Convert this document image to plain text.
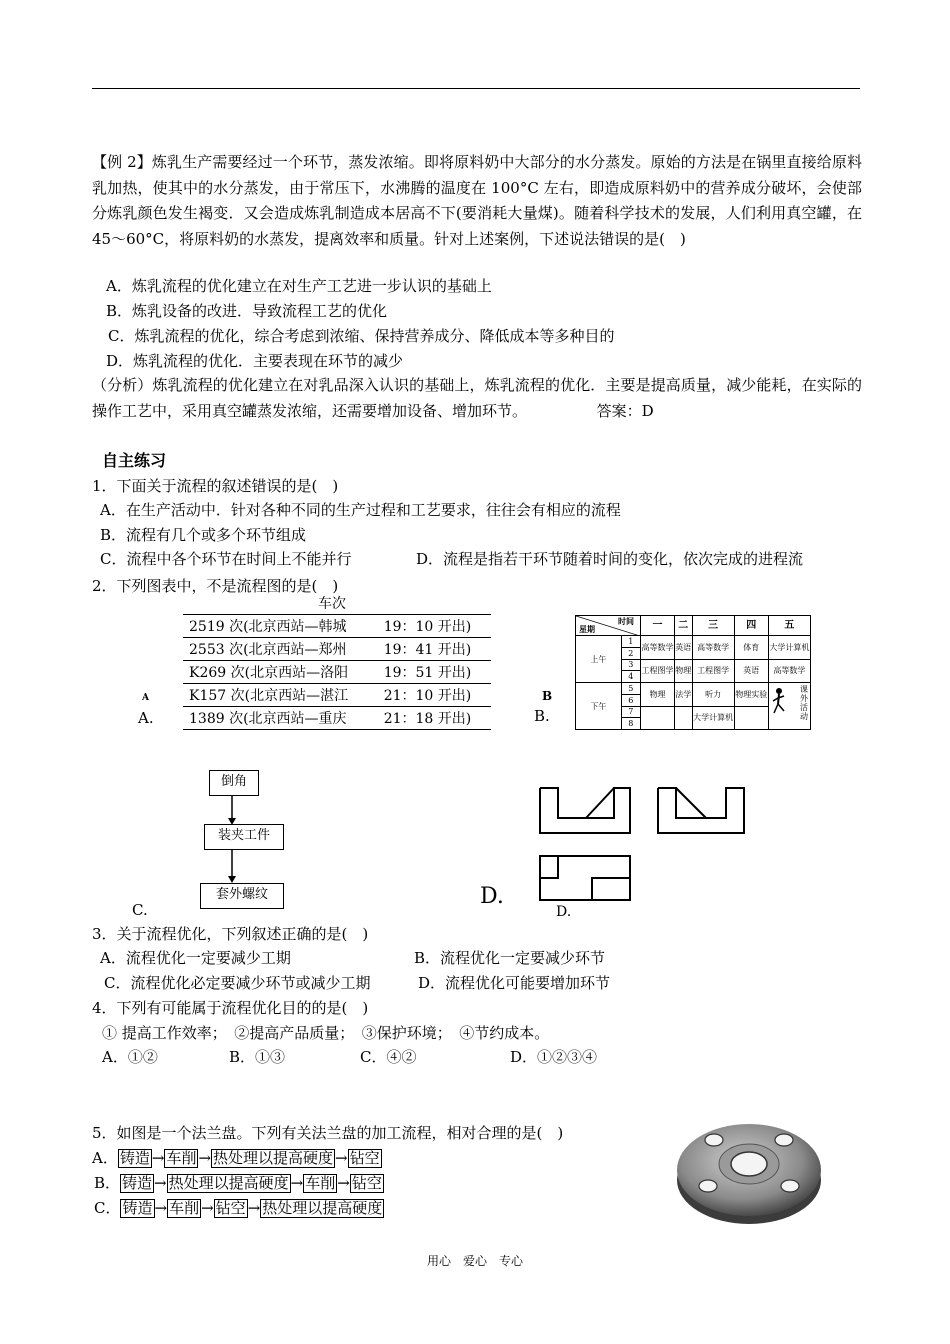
【例 2】炼乳生产需要经过一个环节，蒸发浓缩。即将原料奶中大部分的水分蒸发。原始的方法是在锅里直接给原料乳加热，使其中的水分蒸发，由于常压下，水沸腾的温度在 100°C 左右，即造成原料奶中的营养成分破坏，会使部分炼乳颜色发生褐变．又会造成炼乳制造成本居高不下(要消耗大量煤)。随着科学技术的发展，人们利用真空罐，在 45～60°C，将原料奶的水蒸发，提离效率和质量。针对上述案例，下述说法错误的是(　)
A．炼乳流程的优化建立在对生产工艺进一步认识的基础上
B．炼乳设备的改进．导致流程工艺的优化
C．炼乳流程的优化，综合考虑到浓缩、保持营养成分、降低成本等多种目的
D．炼乳流程的优化．主要表现在环节的减少
（分析）炼乳流程的优化建立在对乳品深入认识的基础上，炼乳流程的优化．主要是提高质量，减少能耗，在实际的操作工艺中，采用真空罐蒸发浓缩，还需要增加设备、增加环节。	答案：D
自主练习
1．下面关于流程的叙述错误的是(　)
A．在生产活动中．针对各种不同的生产过程和工艺要求，往往会有相应的流程
B．流程有几个或多个环节组成
C．流程中各个环节在时间上不能并行	D．流程是指若干环节随着时间的变化，依次完成的进程流
2．下列图表中，不是流程图的是(　)
车次
2519 次(北京西站—韩城	19：10 开出)
2553 次(北京西站—郑州	19：41 开出)
K269 次(北京西站—洛阳	19：51 开出)
K157 次(北京西站—湛江	21：10 开出)
1389 次(北京西站—重庆	21：18 开出)
A
A.
B
B.
时间
星期		一	二	三	四	五
上午	1	高等数学	英语	高等数学	体育	大学计算机
	2					
	3	工程图学	物理	工程图学	英语	高等数学
	4					
下午	5	物理	法学	听力	物理实验	课外活动

	6					
	7			大学计算机		
	8					
倒角
装夹工件
套外螺纹
C.
D.
D.
3．关于流程优化，下列叙述正确的是(　)
A．流程优化一定要减少工期	B．流程优化一定要减少环节
C．流程优化必定要减少环节或减少工期	D．流程优化可能要增加环节
4．下列有可能属于流程优化目的的是(　)
① 提高工作效率；　②提高产品质量；　③保护环境；　④节约成本。
A．①②	B．①③	C．④②	D．①②③④
5．如图是一个法兰盘。下列有关法兰盘的加工流程，相对合理的是(　)
A． 铸造 → 车削 → 热处理以提高硬度 → 钻空
B． 铸造 → 热处理以提高硬度 → 车削 → 钻空
C． 铸造 → 车削 → 钻空 → 热处理以提高硬度
用心　爱心　专心
